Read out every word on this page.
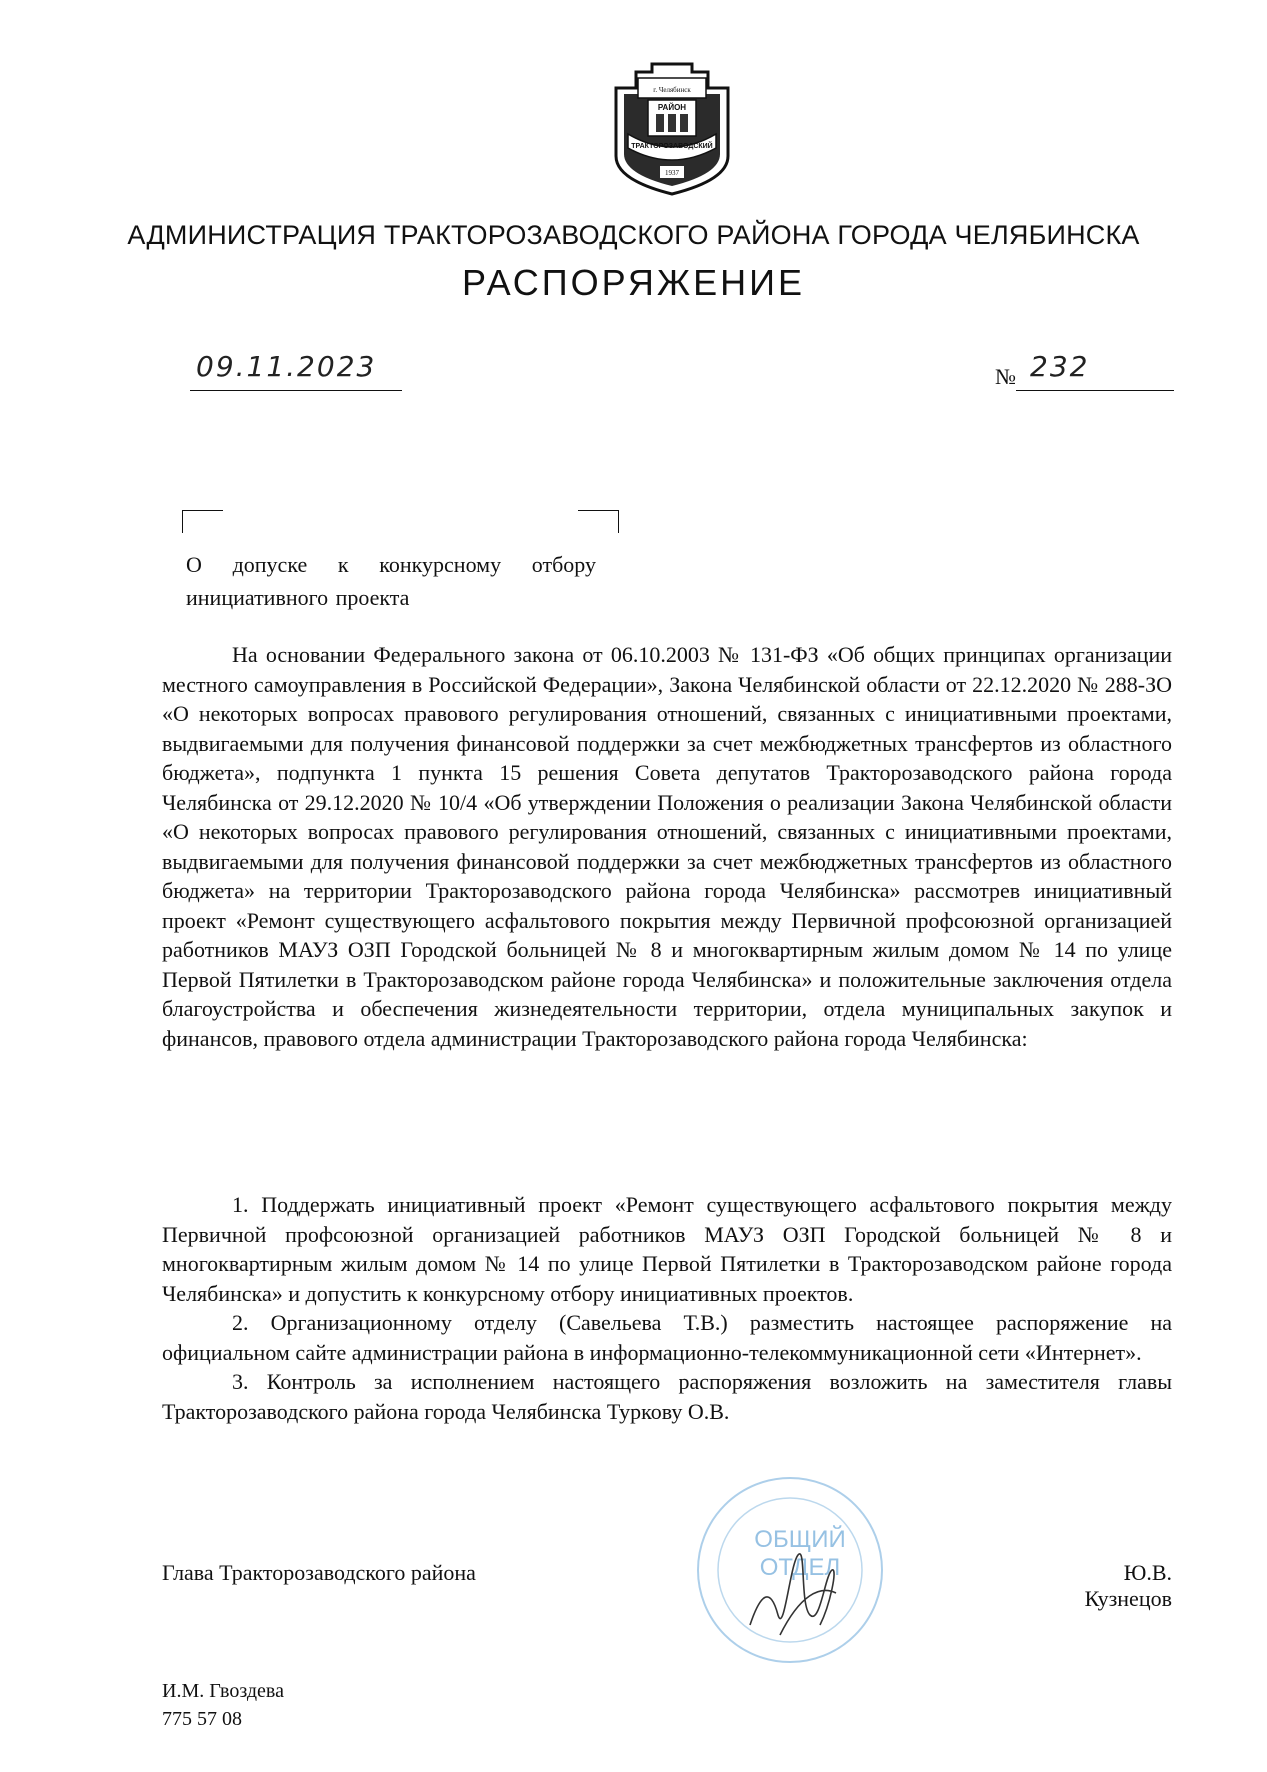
г. Челябинск
РАЙОН
ТРАКТОРОЗАВОДСКИЙ
1937
АДМИНИСТРАЦИЯ ТРАКТОРОЗАВОДСКОГО РАЙОНА ГОРОДА ЧЕЛЯБИНСКА
РАСПОРЯЖЕНИЕ
09.11.2023	№ 232
О допуске к конкурсному отбору инициативного проекта

На основании Федерального закона от 06.10.2003 № 131-ФЗ «Об общих принципах организации местного самоуправления в Российской Федерации», Закона Челябинской области от 22.12.2020 № 288-ЗО «О некоторых вопросах правового регулирования отношений, связанных с инициативными проектами, выдвигаемыми для получения финансовой поддержки за счет межбюджетных трансфертов из областного бюджета», подпункта 1 пункта 15 решения Совета депутатов Тракторозаводского района города Челябинска от 29.12.2020 № 10/4 «Об утверждении Положения о реализации Закона Челябинской области «О некоторых вопросах правового регулирования отношений, связанных с инициативными проектами, выдвигаемыми для получения финансовой поддержки за счет межбюджетных трансфертов из областного бюджета» на территории Тракторозаводского района города Челябинска» рассмотрев инициативный проект «Ремонт существующего асфальтового покрытия между Первичной профсоюзной организацией работников МАУЗ ОЗП Городской больницей № 8 и многоквартирным жилым домом № 14 по улице Первой Пятилетки в Тракторозаводском районе города Челябинска» и положительные заключения отдела благоустройства и обеспечения жизнедеятельности территории, отдела муниципальных закупок и финансов, правового отдела администрации Тракторозаводского района города Челябинска:

1. Поддержать инициативный проект «Ремонт существующего асфальтового покрытия между Первичной профсоюзной организацией работников МАУЗ ОЗП Городской больницей № 8 и многоквартирным жилым домом № 14 по улице Первой Пятилетки в Тракторозаводском районе города Челябинска» и допустить к конкурсному отбору инициативных проектов.

2. Организационному отделу (Савельева Т.В.) разместить настоящее распоряжение на официальном сайте администрации района в информационно-телекоммуникационной сети «Интернет».

3. Контроль за исполнением настоящего распоряжения возложить на заместителя главы Тракторозаводского района города Челябинска Туркову О.В.

ОБЩИЙ
ОТДЕЛ
Глава Тракторозаводского района	Ю.В. Кузнецов
И.М. Гвоздева
775 57 08
